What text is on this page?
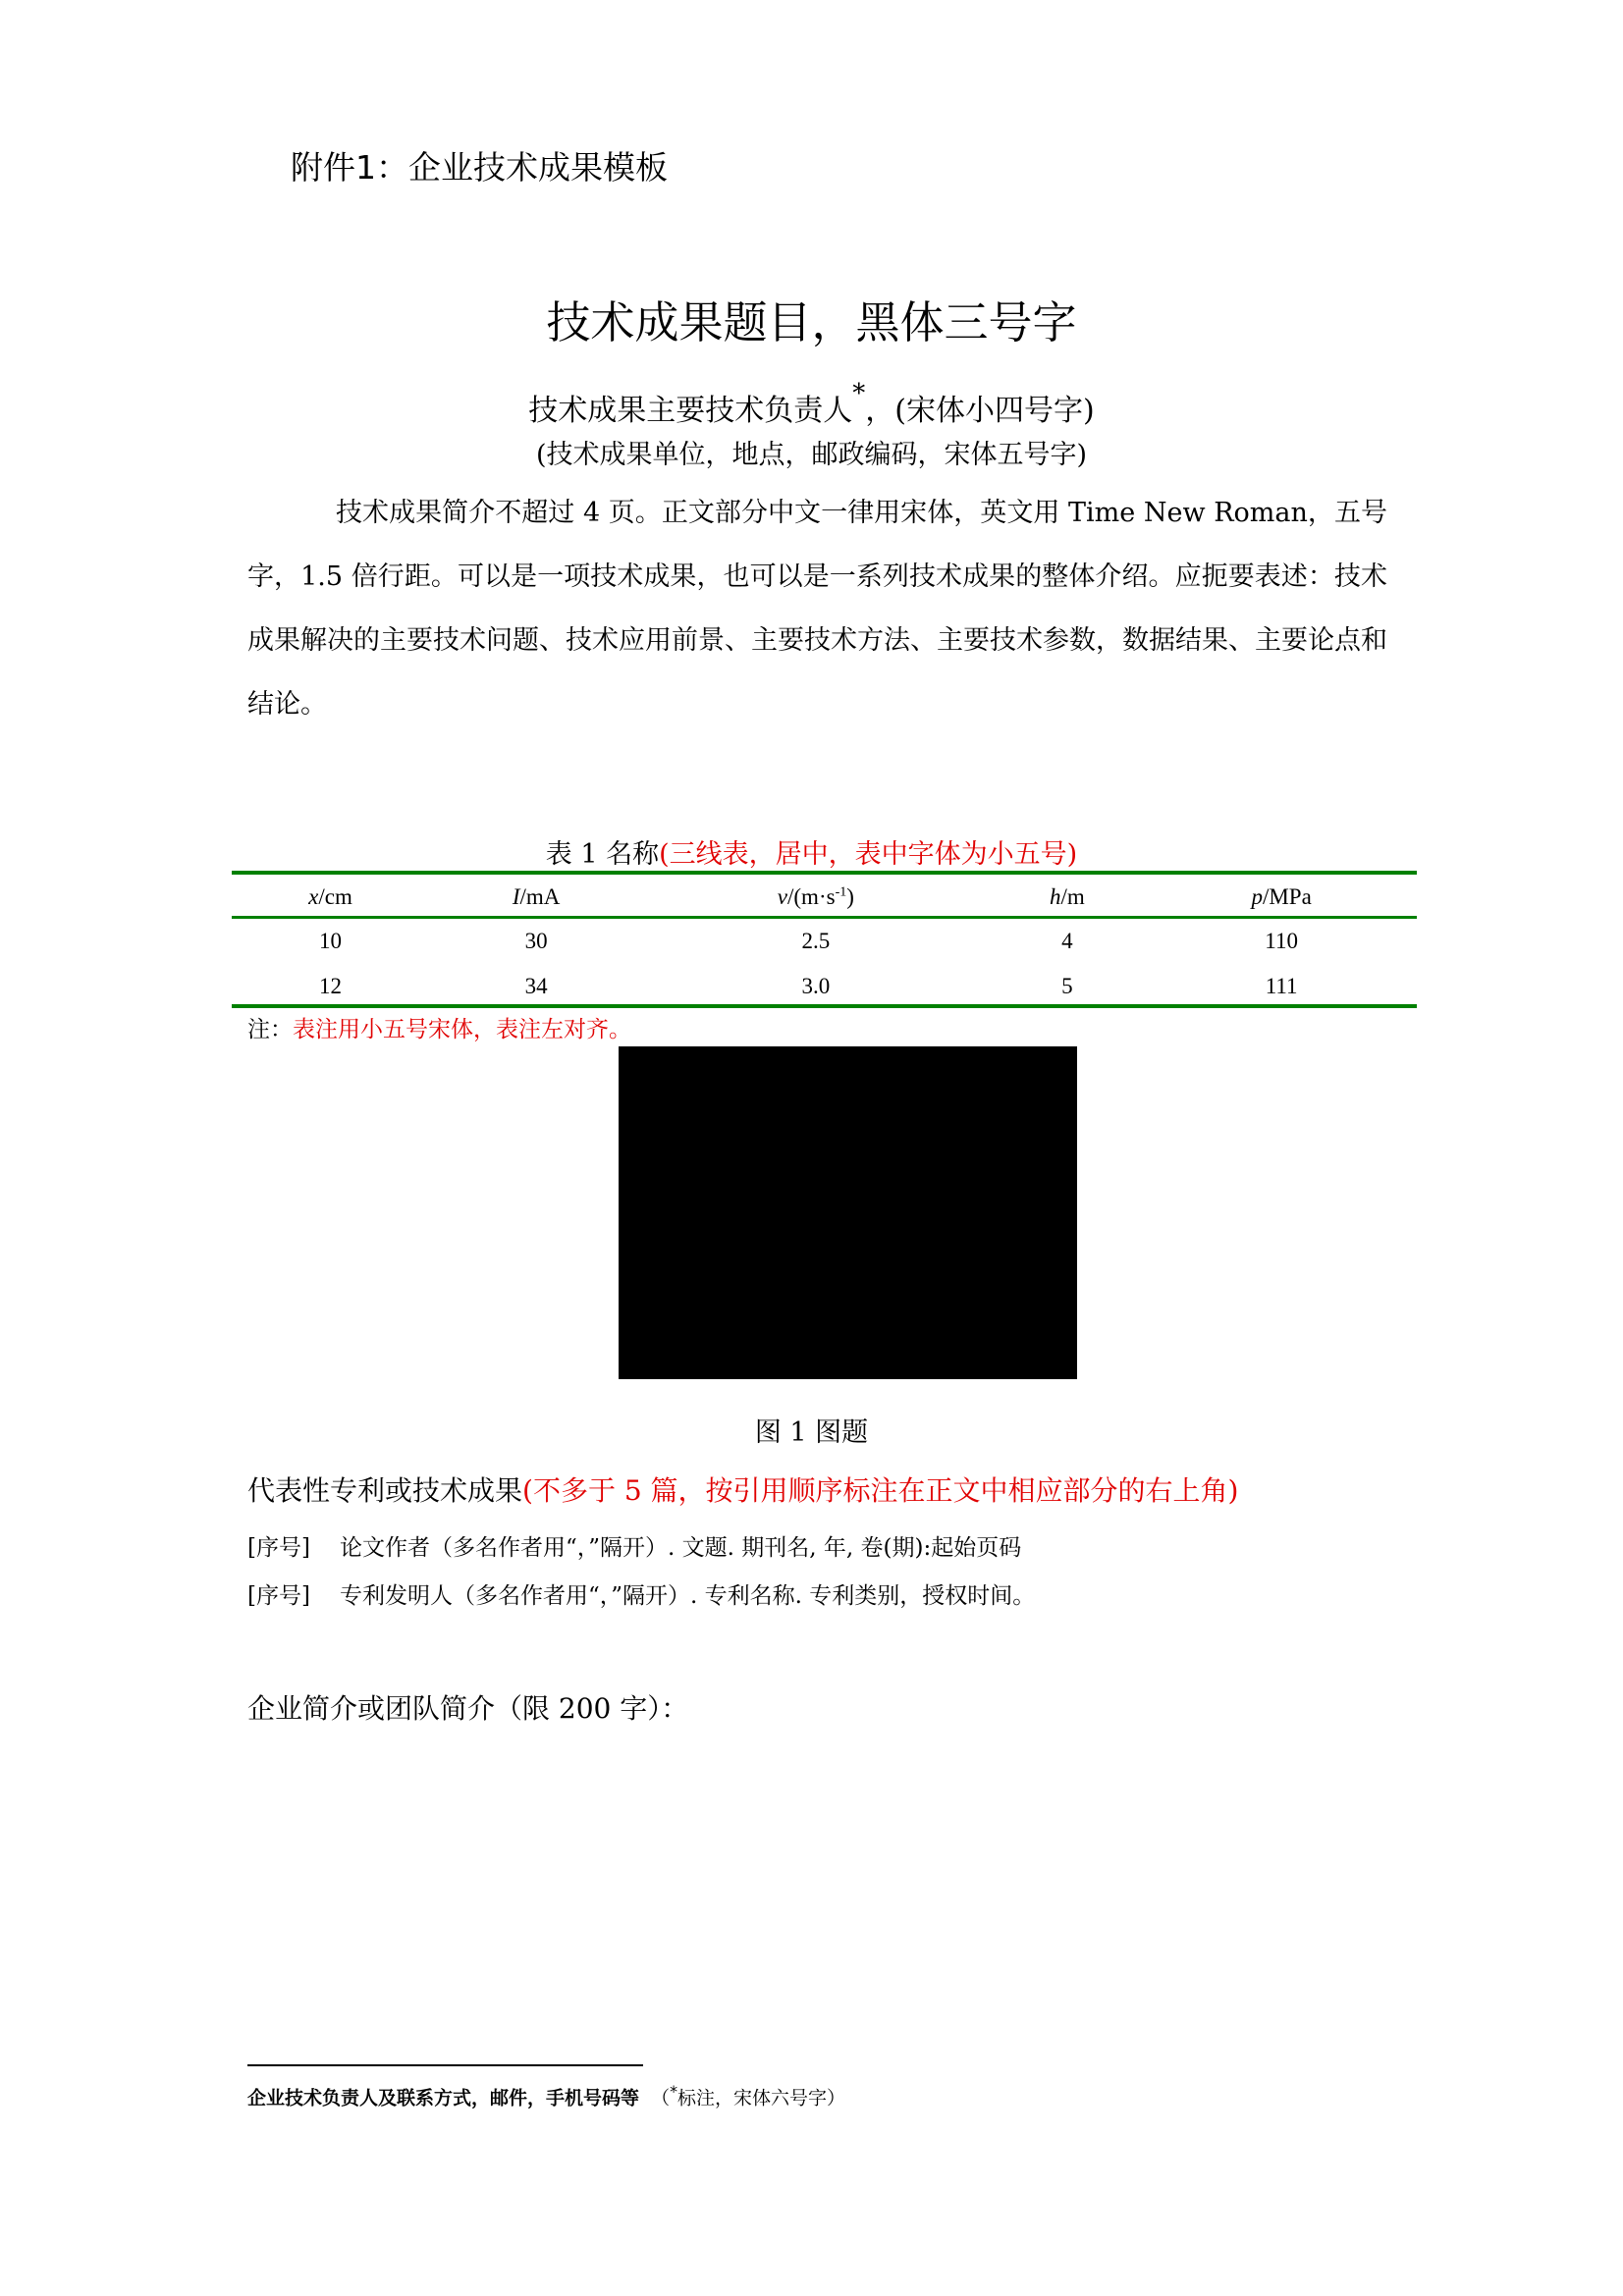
附件1：企业技术成果模板
技术成果题目，黑体三号字
技术成果主要技术负责人*，(宋体小四号字)
(技术成果单位，地点，邮政编码，宋体五号字)
技术成果简介不超过 4 页。正文部分中文一律用宋体，英文用 Time New Roman，五号字，1.5 倍行距。可以是一项技术成果，也可以是一系列技术成果的整体介绍。应扼要表述：技术成果解决的主要技术问题、技术应用前景、主要技术方法、主要技术参数，数据结果、主要论点和结论。
表 1 名称(三线表，居中，表中字体为小五号)
x/cm	I/mA	$v/(m\cdot s^{-1})$	h/m	p/MPa
10	30	2.5	4	110
12	34	3.0	5	111
注：表注用小五号宋体，表注左对齐。
图 1 图题
代表性专利或技术成果(不多于 5 篇，按引用顺序标注在正文中相应部分的右上角)
[序号] 论文作者（多名作者用“，”隔开）. 文题. 期刊名, 年, 卷(期):起始页码
[序号] 专利发明人（多名作者用“，”隔开）. 专利名称. 专利类别，授权时间。
企业简介或团队简介（限 200 字）：
企业技术负责人及联系方式，邮件，手机号码等 （*标注，宋体六号字）
